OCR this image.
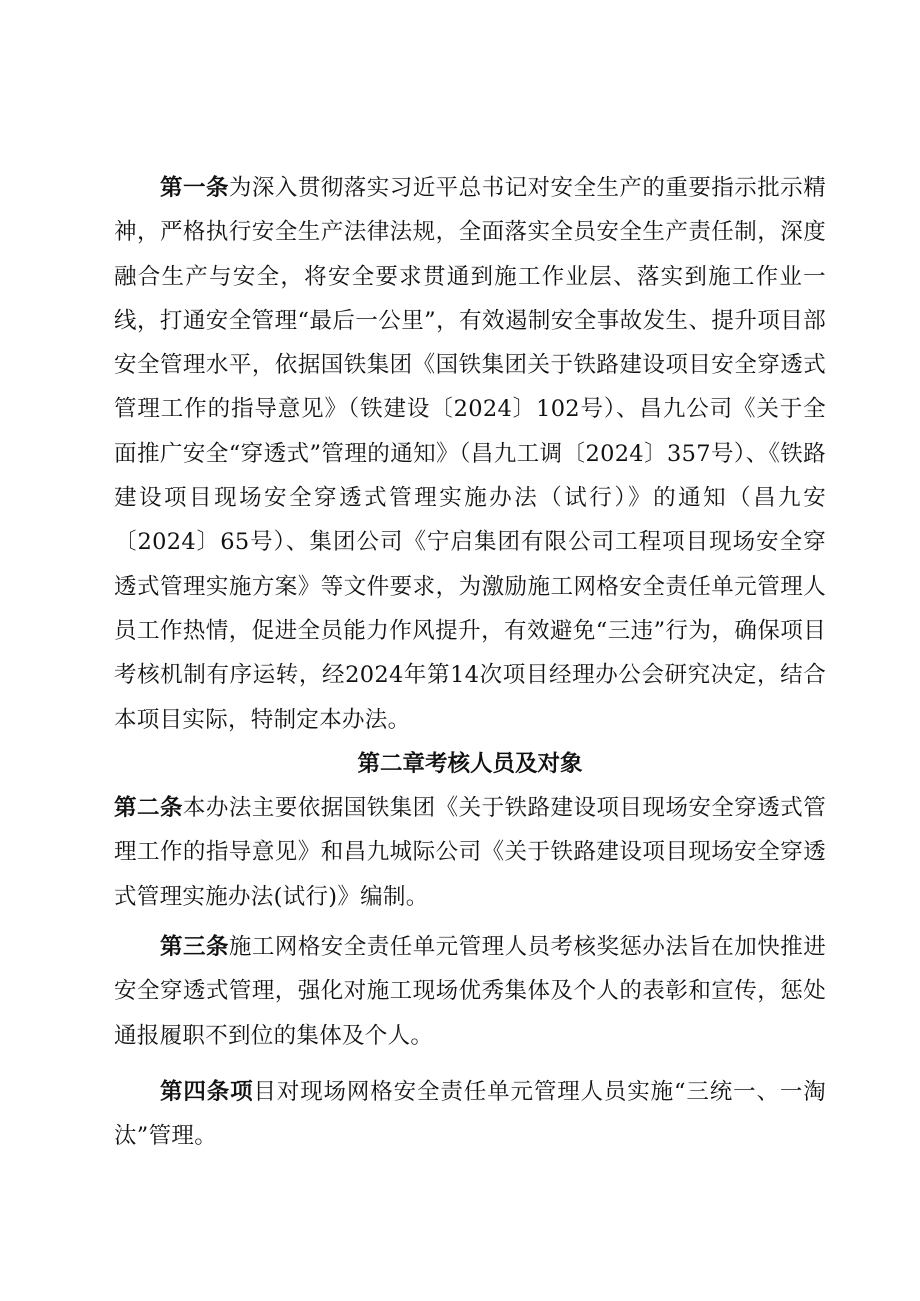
第一条为深入贯彻落实习近平总书记对安全生产的重要指示批示精神，严格执行安全生产法律法规，全面落实全员安全生产责任制，深度融合生产与安全，将安全要求贯通到施工作业层、落实到施工作业一线，打通安全管理“最后一公里”，有效遏制安全事故发生、提升项目部安全管理水平，依据国铁集团《国铁集团关于铁路建设项目安全穿透式管理工作的指导意见》（铁建设〔2024〕102号）、昌九公司《关于全面推广安全“穿透式”管理的通知》（昌九工调〔2024〕357号）、《铁路建设项目现场安全穿透式管理实施办法（试行）》的通知（昌九安〔2024〕65号）、集团公司《宁启集团有限公司工程项目现场安全穿透式管理实施方案》等文件要求，为激励施工网格安全责任单元管理人员工作热情，促进全员能力作风提升，有效避免“三违”行为，确保项目考核机制有序运转，经2024年第14次项目经理办公会研究决定，结合本项目实际，特制定本办法。

第二章考核人员及对象

第二条本办法主要依据国铁集团《关于铁路建设项目现场安全穿透式管理工作的指导意见》和昌九城际公司《关于铁路建设项目现场安全穿透式管理实施办法(试行)》编制。

第三条施工网格安全责任单元管理人员考核奖惩办法旨在加快推进安全穿透式管理，强化对施工现场优秀集体及个人的表彰和宣传，惩处通报履职不到位的集体及个人。

第四条项目对现场网格安全责任单元管理人员实施“三统一、一淘汰”管理。
